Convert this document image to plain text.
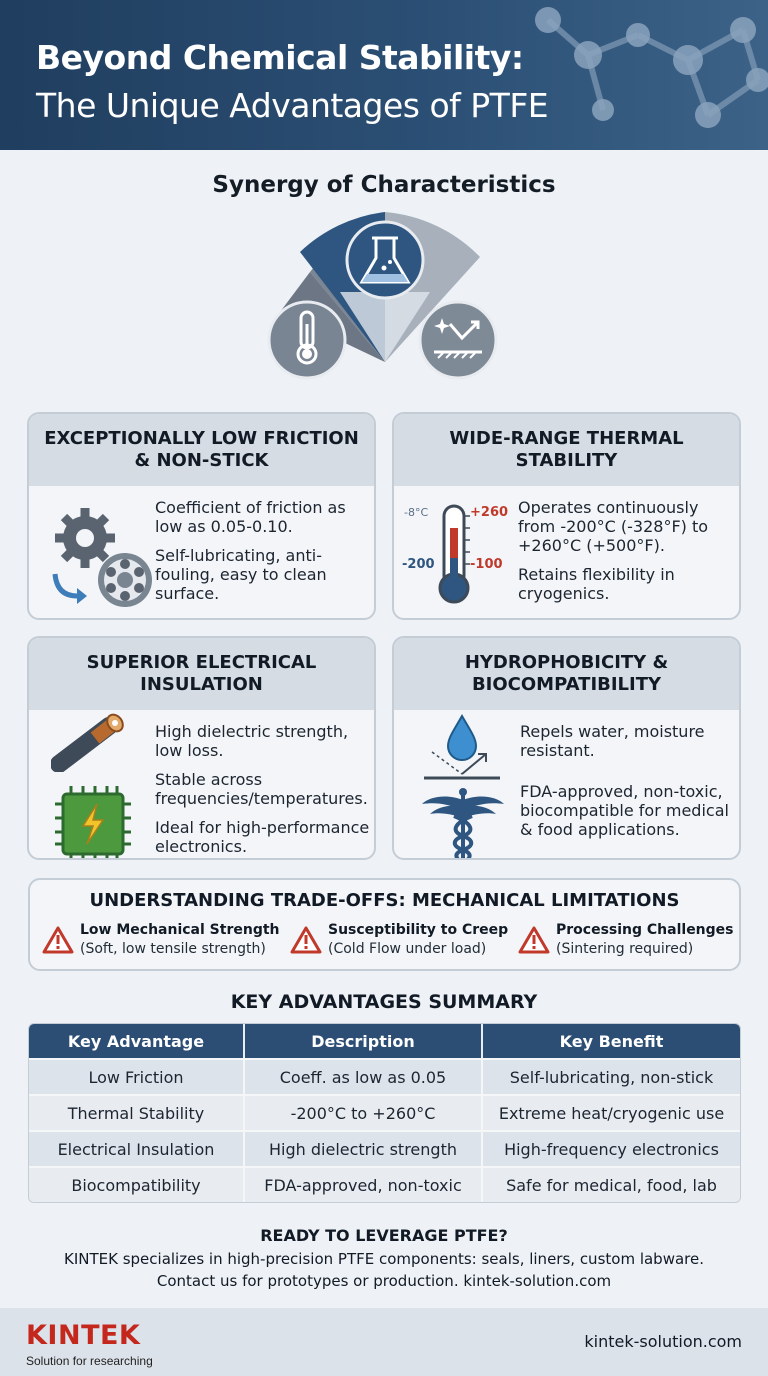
Beyond Chemical Stability:
The Unique Advantages of PTFE
Synergy of Characteristics
EXCEPTIONALLY LOW FRICTION & NON-STICK

Coefficient of friction as low as 0.05-0.10.

Self-lubricating, anti-fouling, easy to clean surface.

WIDE-RANGE THERMAL STABILITY
-8°C	+260
-200	-100

Operates continuously from -200°C (-328°F) to +260°C (+500°F).

Retains flexibility in cryogenics.

SUPERIOR ELECTRICAL INSULATION

High dielectric strength, low loss.

Stable across frequencies/temperatures.

Ideal for high-performance electronics.

HYDROPHOBICITY & BIOCOMPATIBILITY

Repels water, moisture resistant.

FDA-approved, non-toxic, biocompatible for medical & food applications.

UNDERSTANDING TRADE-OFFS: MECHANICAL LIMITATIONS
Low Mechanical Strength
(Soft, low tensile strength)
Susceptibility to Creep
(Cold Flow under load)
Processing Challenges
(Sintering required)
KEY ADVANTAGES SUMMARY
Key Advantage	Description	Key Benefit
Low Friction	Coeff. as low as 0.05	Self-lubricating, non-stick
Thermal Stability	-200°C to +260°C	Extreme heat/cryogenic use
Electrical Insulation	High dielectric strength	High-frequency electronics
Biocompatibility	FDA-approved, non-toxic	Safe for medical, food, lab
READY TO LEVERAGE PTFE?
KINTEK specializes in high-precision PTFE components: seals, liners, custom labware.
Contact us for prototypes or production. kintek-solution.com
KINTEK
Solution for researching
kintek-solution.com
